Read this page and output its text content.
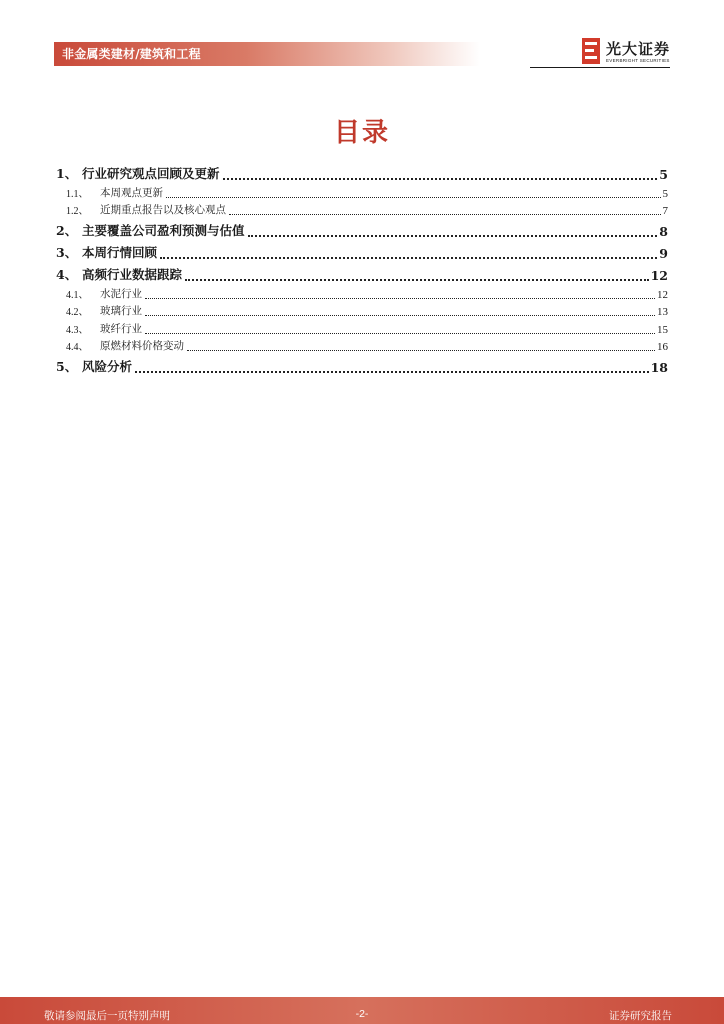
非金属类建材/建筑和工程	光大证券
EVERBRIGHT SECURITIES
目录
1、 行业研究观点回顾及更新	5
1.1、	本周观点更新	5
1.2、	近期重点报告以及核心观点	7
2、 主要覆盖公司盈利预测与估值	8
3、 本周行情回顾	9
4、 高频行业数据跟踪	12
4.1、	水泥行业	12
4.2、	玻璃行业	13
4.3、	玻纤行业	15
4.4、	原燃材料价格变动	16
5、 风险分析	18
敬请参阅最后一页特别声明	-2-	证券研究报告
